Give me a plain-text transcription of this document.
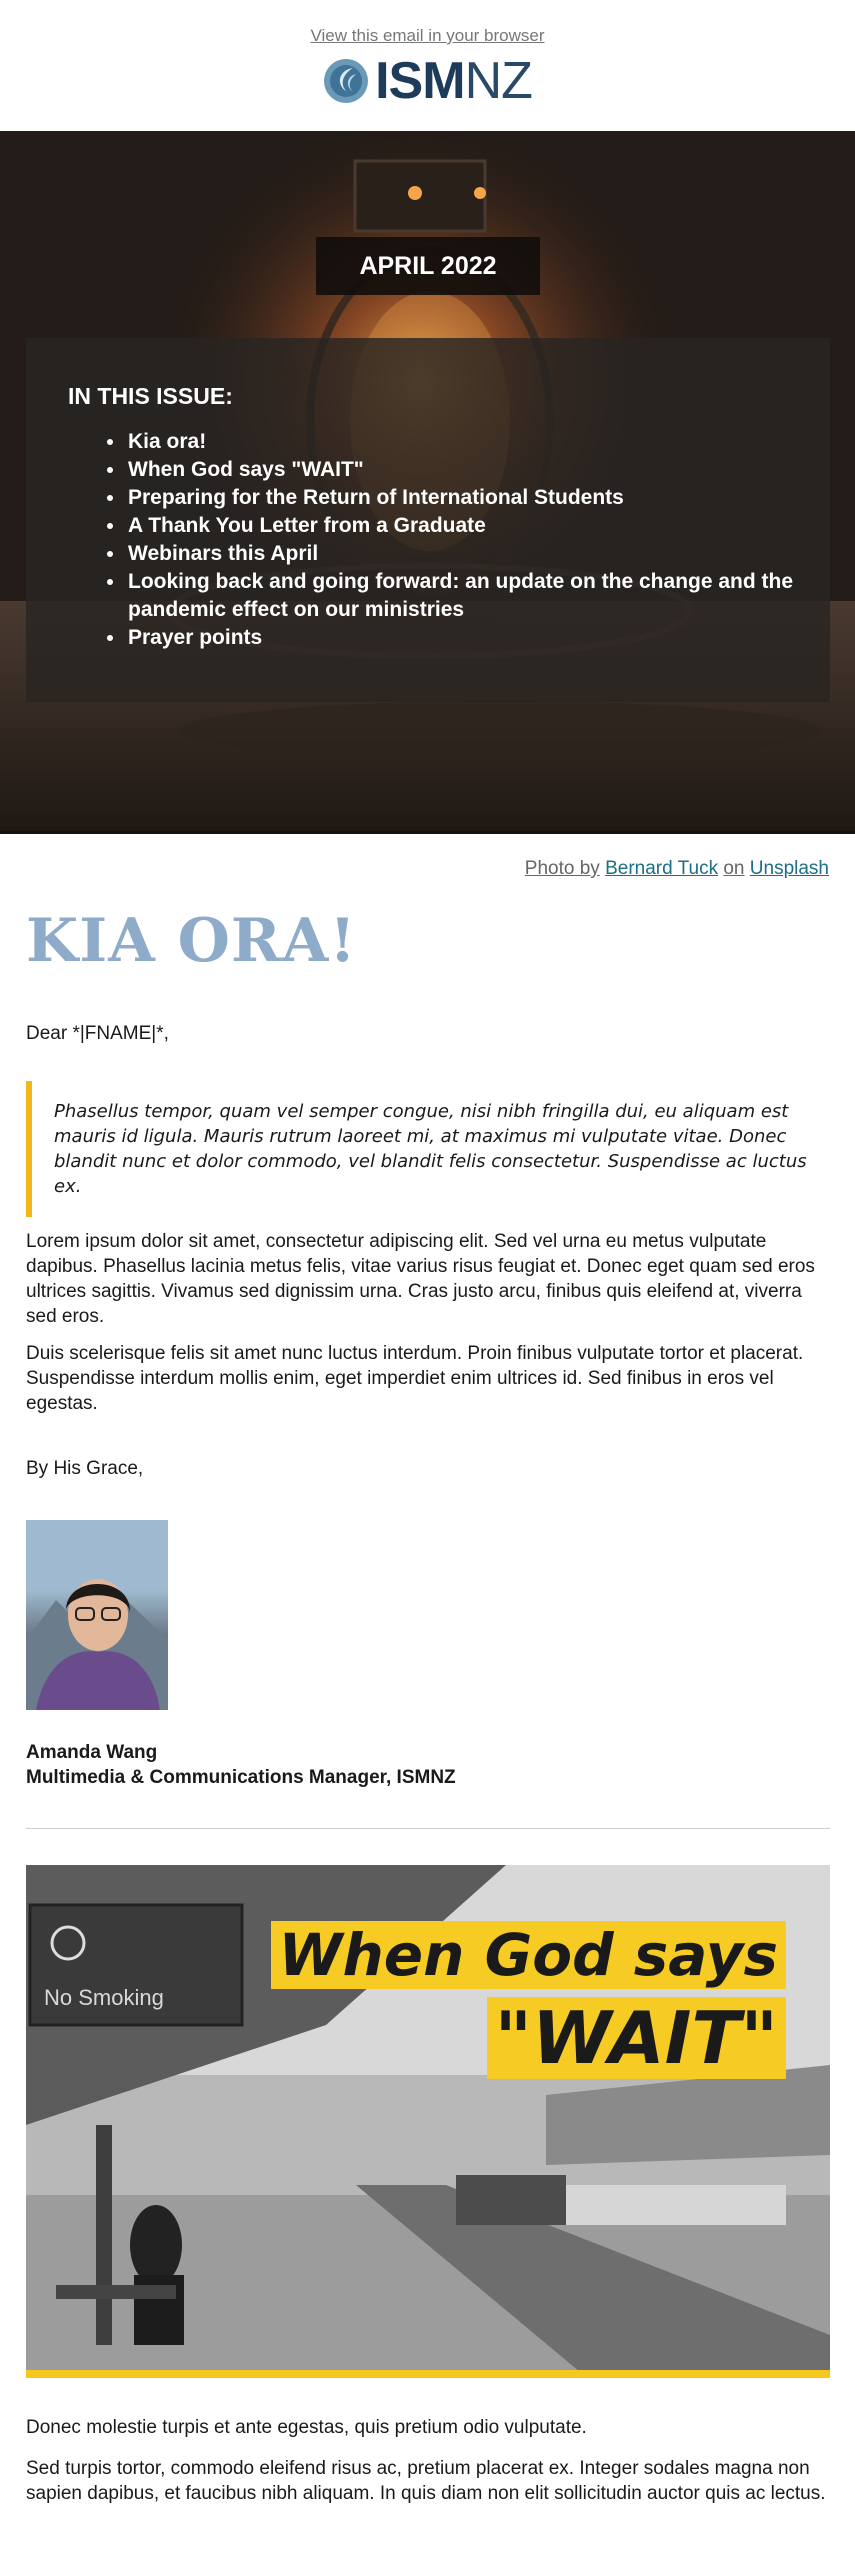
View this email in your browser
ISMNZ
APRIL 2022

IN THIS ISSUE:

• Kia ora!
• When God says "WAIT"
• Preparing for the Return of International Students
• A Thank You Letter from a Graduate
• Webinars this April
• Looking back and going forward: an update on the change and the pandemic effect on our ministries
• Prayer points
Photo by Bernard Tuck on Unsplash
KIA ORA!
Dear *|FNAME|*,
Phasellus tempor, quam vel semper congue, nisi nibh fringilla dui, eu aliquam est mauris id ligula. Mauris rutrum laoreet mi, at maximus mi vulputate vitae. Donec blandit nunc et dolor commodo, vel blandit felis consectetur. Suspendisse ac luctus ex.
Lorem ipsum dolor sit amet, consectetur adipiscing elit. Sed vel urna eu metus vulputate dapibus. Phasellus lacinia metus felis, vitae varius risus feugiat et. Donec eget quam sed eros ultrices sagittis. Vivamus sed dignissim urna. Cras justo arcu, finibus quis eleifend at, viverra sed eros.
Duis scelerisque felis sit amet nunc luctus interdum. Proin finibus vulputate tortor et placerat. Suspendisse interdum mollis enim, eget imperdiet enim ultrices id. Sed finibus in eros vel egestas.
By His Grace,
Amanda Wang
Multimedia & Communications Manager, ISMNZ
No Smoking
When God says
"WAIT"

Donec molestie turpis et ante egestas, quis pretium odio vulputate.

Sed turpis tortor, commodo eleifend risus ac, pretium placerat ex. Integer sodales magna non sapien dapibus, et faucibus nibh aliquam. In quis diam non elit sollicitudin auctor quis ac lectus.
